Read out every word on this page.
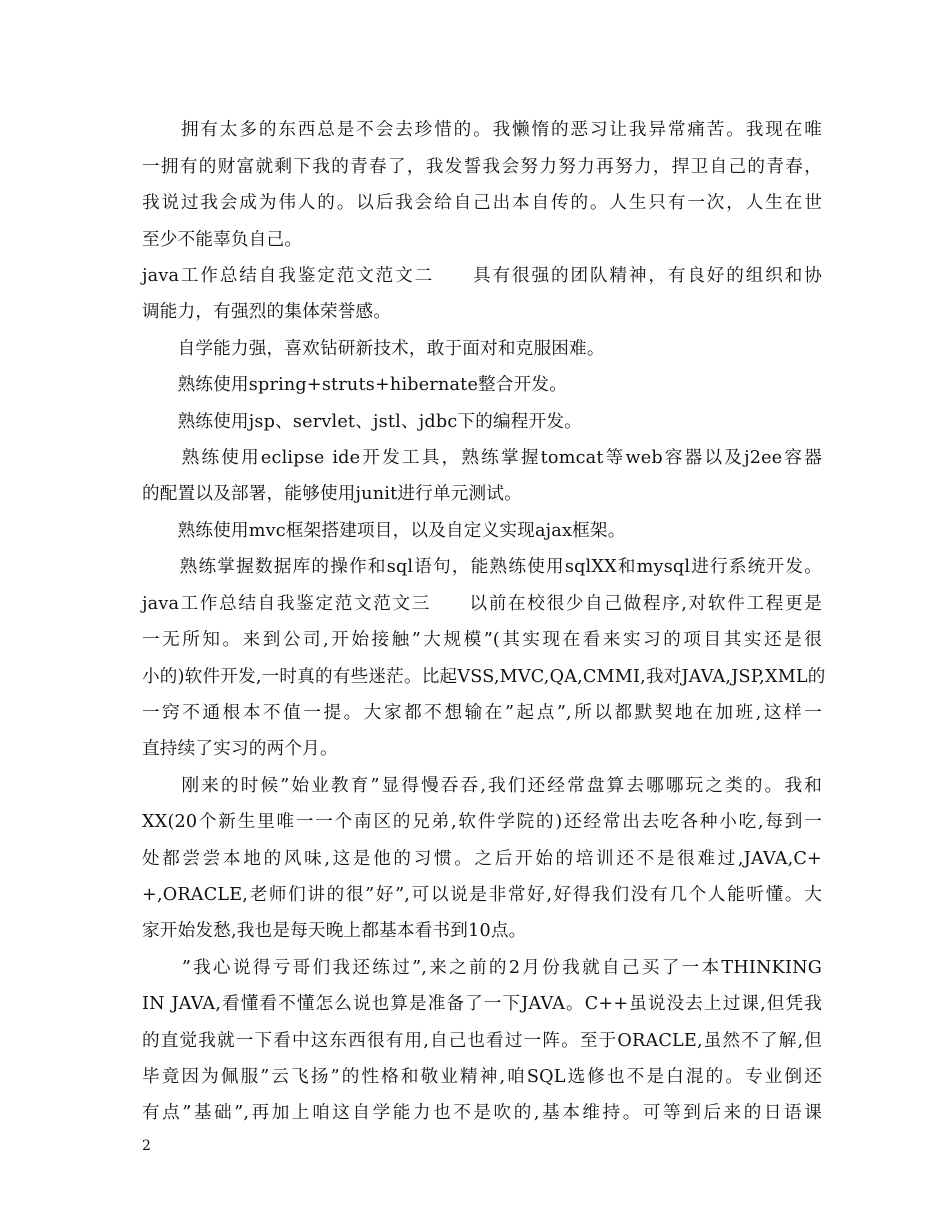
　　拥有太多的东西总是不会去珍惜的。我懒惰的恶习让我异常痛苦。我现在唯
一拥有的财富就剩下我的青春了，我发誓我会努力努力再努力，捍卫自己的青春，
我说过我会成为伟人的。以后我会给自己出本自传的。人生只有一次，人生在世
至少不能辜负自己。
java工作总结自我鉴定范文范文二　　具有很强的团队精神，有良好的组织和协
调能力，有强烈的集体荣誉感。
　　自学能力强，喜欢钻研新技术，敢于面对和克服困难。
　　熟练使用spring+struts+hibernate整合开发。
　　熟练使用jsp、servlet、jstl、jdbc下的编程开发。
　　熟练使用eclipse ide开发工具，熟练掌握tomcat等web容器以及j2ee容器
的配置以及部署，能够使用junit进行单元测试。
　　熟练使用mvc框架搭建项目，以及自定义实现ajax框架。
　　熟练掌握数据库的操作和sql语句，能熟练使用sqlXX和mysql进行系统开发。
java工作总结自我鉴定范文范文三　　以前在校很少自己做程序,对软件工程更是
一无所知。来到公司,开始接触”大规模”(其实现在看来实习的项目其实还是很
小的)软件开发,一时真的有些迷茫。比起VSS,MVC,QA,CMMI,我对JAVA,JSP,XML的
一窍不通根本不值一提。大家都不想输在”起点”,所以都默契地在加班,这样一
直持续了实习的两个月。
　　刚来的时候”始业教育”显得慢吞吞,我们还经常盘算去哪哪玩之类的。我和
XX(20个新生里唯一一个南区的兄弟,软件学院的)还经常出去吃各种小吃,每到一
处都尝尝本地的风味,这是他的习惯。之后开始的培训还不是很难过,JAVA,C+
+,ORACLE,老师们讲的很”好”,可以说是非常好,好得我们没有几个人能听懂。大
家开始发愁,我也是每天晚上都基本看书到10点。
　　”我心说得亏哥们我还练过”,来之前的2月份我就自己买了一本THINKING
IN JAVA,看懂看不懂怎么说也算是准备了一下JAVA。C++虽说没去上过课,但凭我
的直觉我就一下看中这东西很有用,自己也看过一阵。至于ORACLE,虽然不了解,但
毕竟因为佩服”云飞扬”的性格和敬业精神,咱SQL选修也不是白混的。专业倒还
有点”基础”,再加上咱这自学能力也不是吹的,基本维持。可等到后来的日语课
2
